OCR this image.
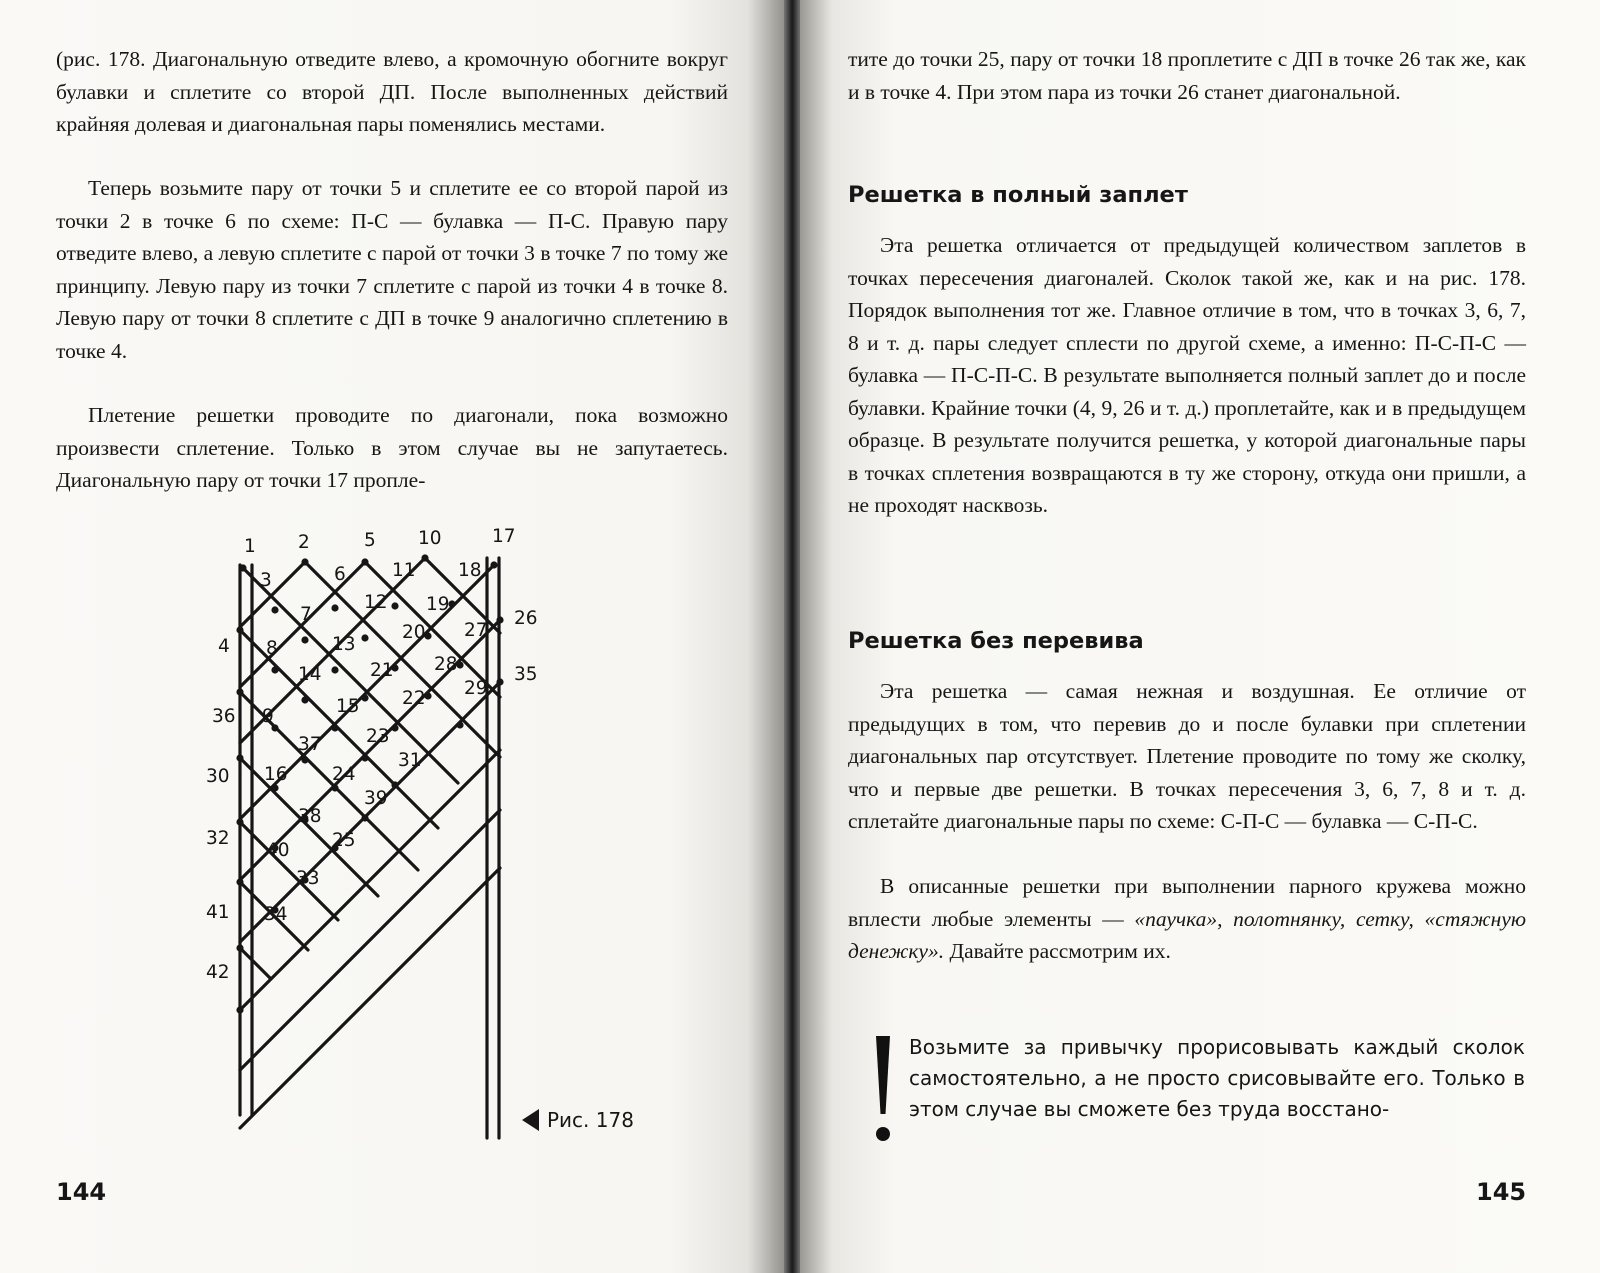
(рис. 178. Диагональную отведите влево, а кромочную обогните вокруг булавки и сплетите со второй ДП. После выполненных действий крайняя долевая и диагональная пары поменялись местами.

Теперь возьмите пару от точки 5 и сплетите ее со второй парой из точки 2 в точке 6 по схеме: П-С — булавка — П-С. Правую пару отведите влево, а левую сплетите с парой от точки 3 в точке 7 по тому же принципу. Левую пару из точки 7 сплетите с парой из точки 4 в точке 8. Левую пару от точки 8 сплетите с ДП в точке 9 аналогично сплетению в точке 4.

Плетение решетки проводите по диагонали, пока возможно произвести сплетение. Только в этом случае вы не запутаетесь. Диагональную пару от точки 17 пропле-

1 2	5 10	17
3	6 11 18
7
12 19
26
4 8	13
20 27
14	21 28	35
36 9	15 22 29
37 23
30 16 24
31
38
39
32
40 25
33
41 34
42
Рис. 178
144

тите до точки 25, пару от точки 18 проплетите с ДП в точке 26 так же, как и в точке 4. При этом пара из точки 26 станет диагональной.

Решетка в полный заплет

Эта решетка отличается от предыдущей количеством заплетов в точках пересечения диагоналей. Сколок такой же, как и на рис. 178. Порядок выполнения тот же. Главное отличие в том, что в точках 3, 6, 7, 8 и т. д. пары следует сплести по другой схеме, а именно: П-С-П-С — булавка — П-С-П-С. В результате выполняется полный заплет до и после булавки. Крайние точки (4, 9, 26 и т. д.) проплетайте, как и в предыдущем образце. В результате получится решетка, у которой диагональные пары в точках сплетения возвращаются в ту же сторону, откуда они пришли, а не проходят насквозь.

Решетка без перевива

Эта решетка — самая нежная и воздушная. Ее отличие от предыдущих в том, что перевив до и после булавки при сплетении диагональных пар отсутствует. Плетение проводите по тому же сколку, что и первые две решетки. В точках пересечения 3, 6, 7, 8 и т. д. сплетайте диагональные пары по схеме: С-П-С — булавка — С-П-С.

В описанные решетки при выполнении парного кружева можно вплести любые элементы — «паучка», полотнянку, сетку, «стяжную денежку». Давайте рассмотрим их.

Возьмите за привычку прорисовывать каждый сколок самостоятельно, а не просто срисовывайте его. Только в этом случае вы сможете без труда восстано-

145
